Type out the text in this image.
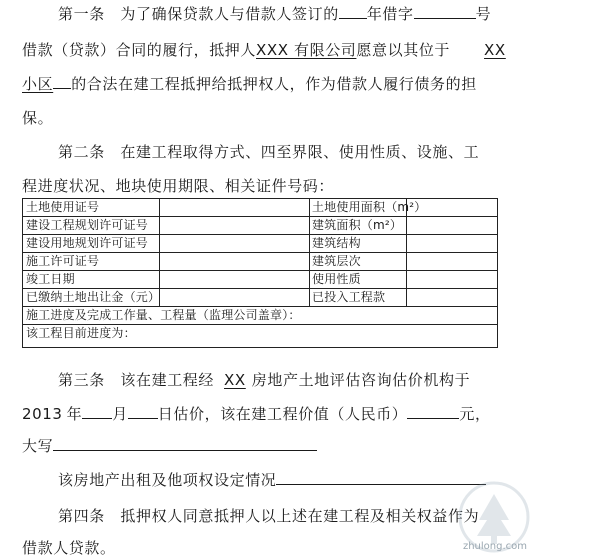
第一条　为了确保贷款人与借款人签订的 年借字	号
借款（贷款）合同的履行，抵押人XXX 有限公司愿意以其位于 XX
小区 的合法在建工程抵押给抵押权人，作为借款人履行债务的担
保。
第二条　在建工程取得方式、四至界限、使用性质、设施、工
程进度状况、地块使用期限、相关证件号码：
土地使用证号	土地使用面积（m²）
建设工程规划许可证号	建筑面积（m²）
建设用地规划许可证号	建筑结构
施工许可证号	建筑层次
竣工日期	使用性质
已缴纳土地出让金（元）	已投入工程款
施工进度及完成工作量、工程量（监理公司盖章）：
该工程目前进度为：
第三条　该在建工程经 XX 房地产土地评估咨询估价机构于
2013 年 月 日估价，该在建工程价值（人民币）	元，
大写
该房地产出租及他项权设定情况
第四条　抵押权人同意抵押人以上述在建工程及相关权益作为
借款人贷款。	zhulong.com
